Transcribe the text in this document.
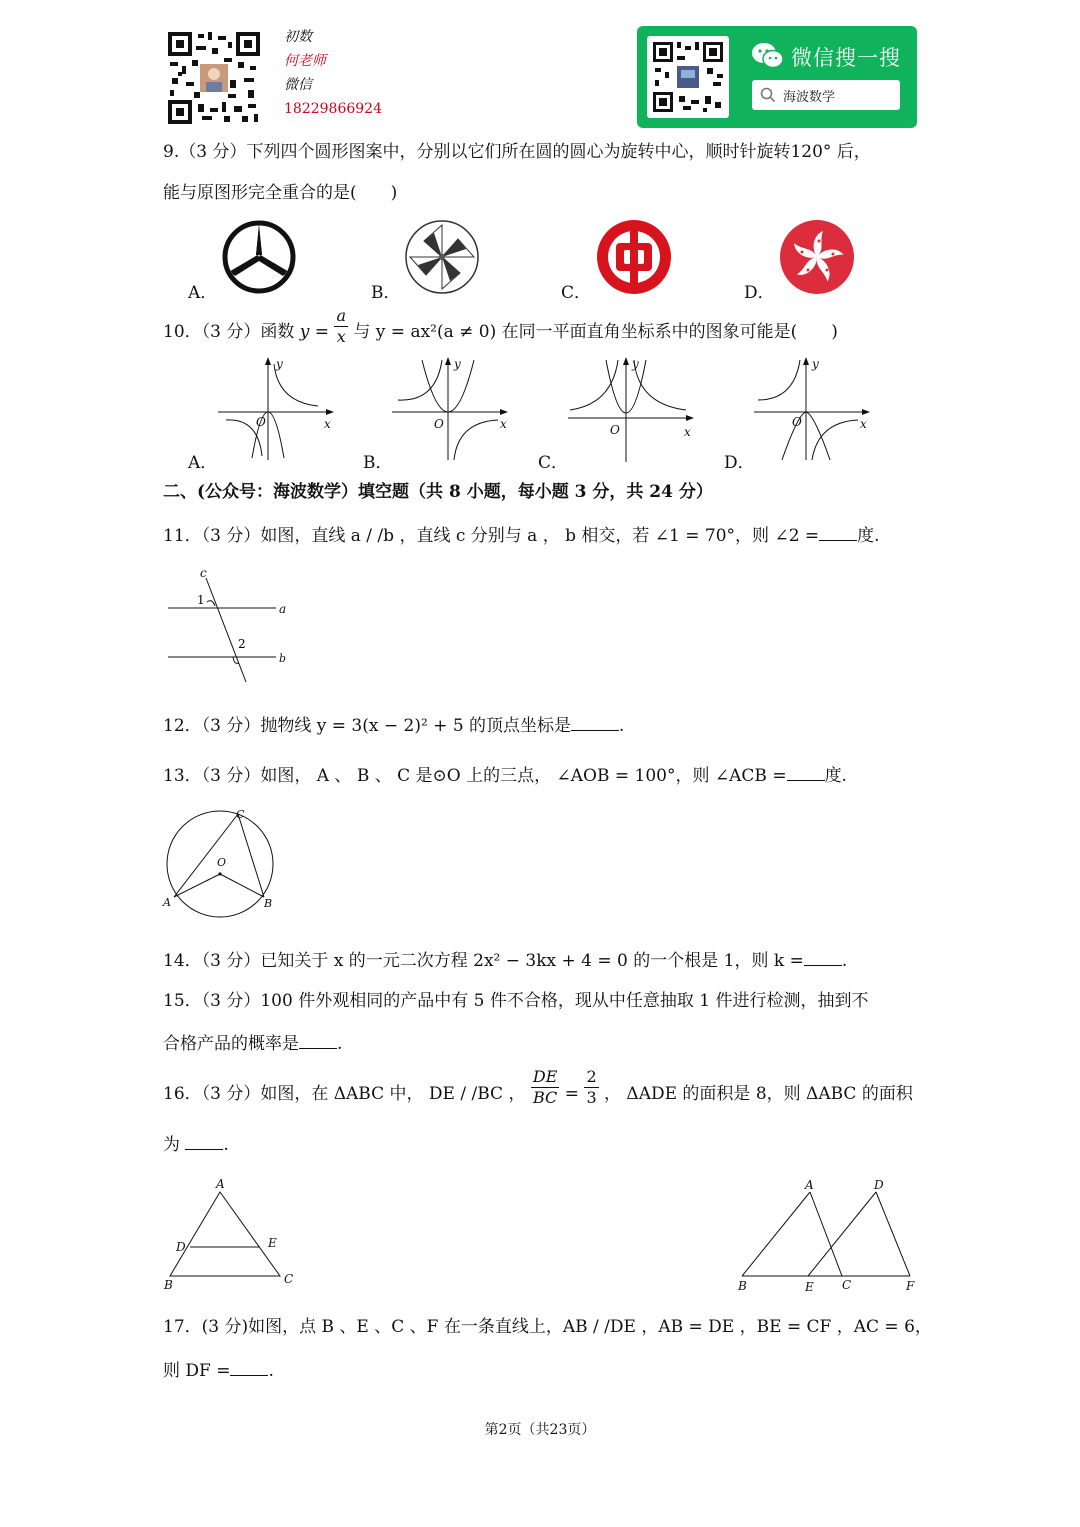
初数
何老师
微信
18229866924
微信搜一搜
海波数学
9.（3 分）下列四个圆形图案中，分别以它们所在圆的圆心为旋转中心，顺时针旋转120° 后，
能与原图形完全重合的是(　　)
A．	B．	C．	D．
10．（3 分）函数 $y = \frac{a}{x}$ 与 y = ax²(a ≠ 0) 在同一平面直角坐标系中的图象可能是(　　)
y
x
O
y
x
O
y
x
O
y
x
O
A．	B．	C．	D．
二、(公众号：海波数学）填空题（共 8 小题，每小题 3 分，共 24 分）
11．（3 分）如图，直线 a / /b ，直线 c 分别与 a ， b 相交，若 ∠1 = 70°，则 ∠2 = 度.
c
a
b
1
2
12．（3 分）抛物线 y = 3(x − 2)² + 5 的顶点坐标是	.
13．（3 分）如图， A 、 B 、 C 是⊙O 上的三点， ∠AOB = 100°，则 ∠ACB = 度.
C
O
A	B
14．（3 分）已知关于 x 的一元二次方程 2x² − 3kx + 4 = 0 的一个根是 1，则 k = .
15．（3 分）100 件外观相同的产品中有 5 件不合格，现从中任意抽取 1 件进行检测，抽到不
合格产品的概率是 .
16．（3 分）如图，在 ΔABC 中， DE / /BC ， $\frac{DE}{BC} = \frac{2}{3}$ ， ΔADE 的面积是 8，则 ΔABC 的面积
为	.
A
D	E
B	C
A	D
B	E C	F
17．(3 分)如图，点 B 、E 、C 、F 在一条直线上，AB / /DE ，AB = DE ，BE = CF ，AC = 6，
则 DF = .
第2页（共23页）
